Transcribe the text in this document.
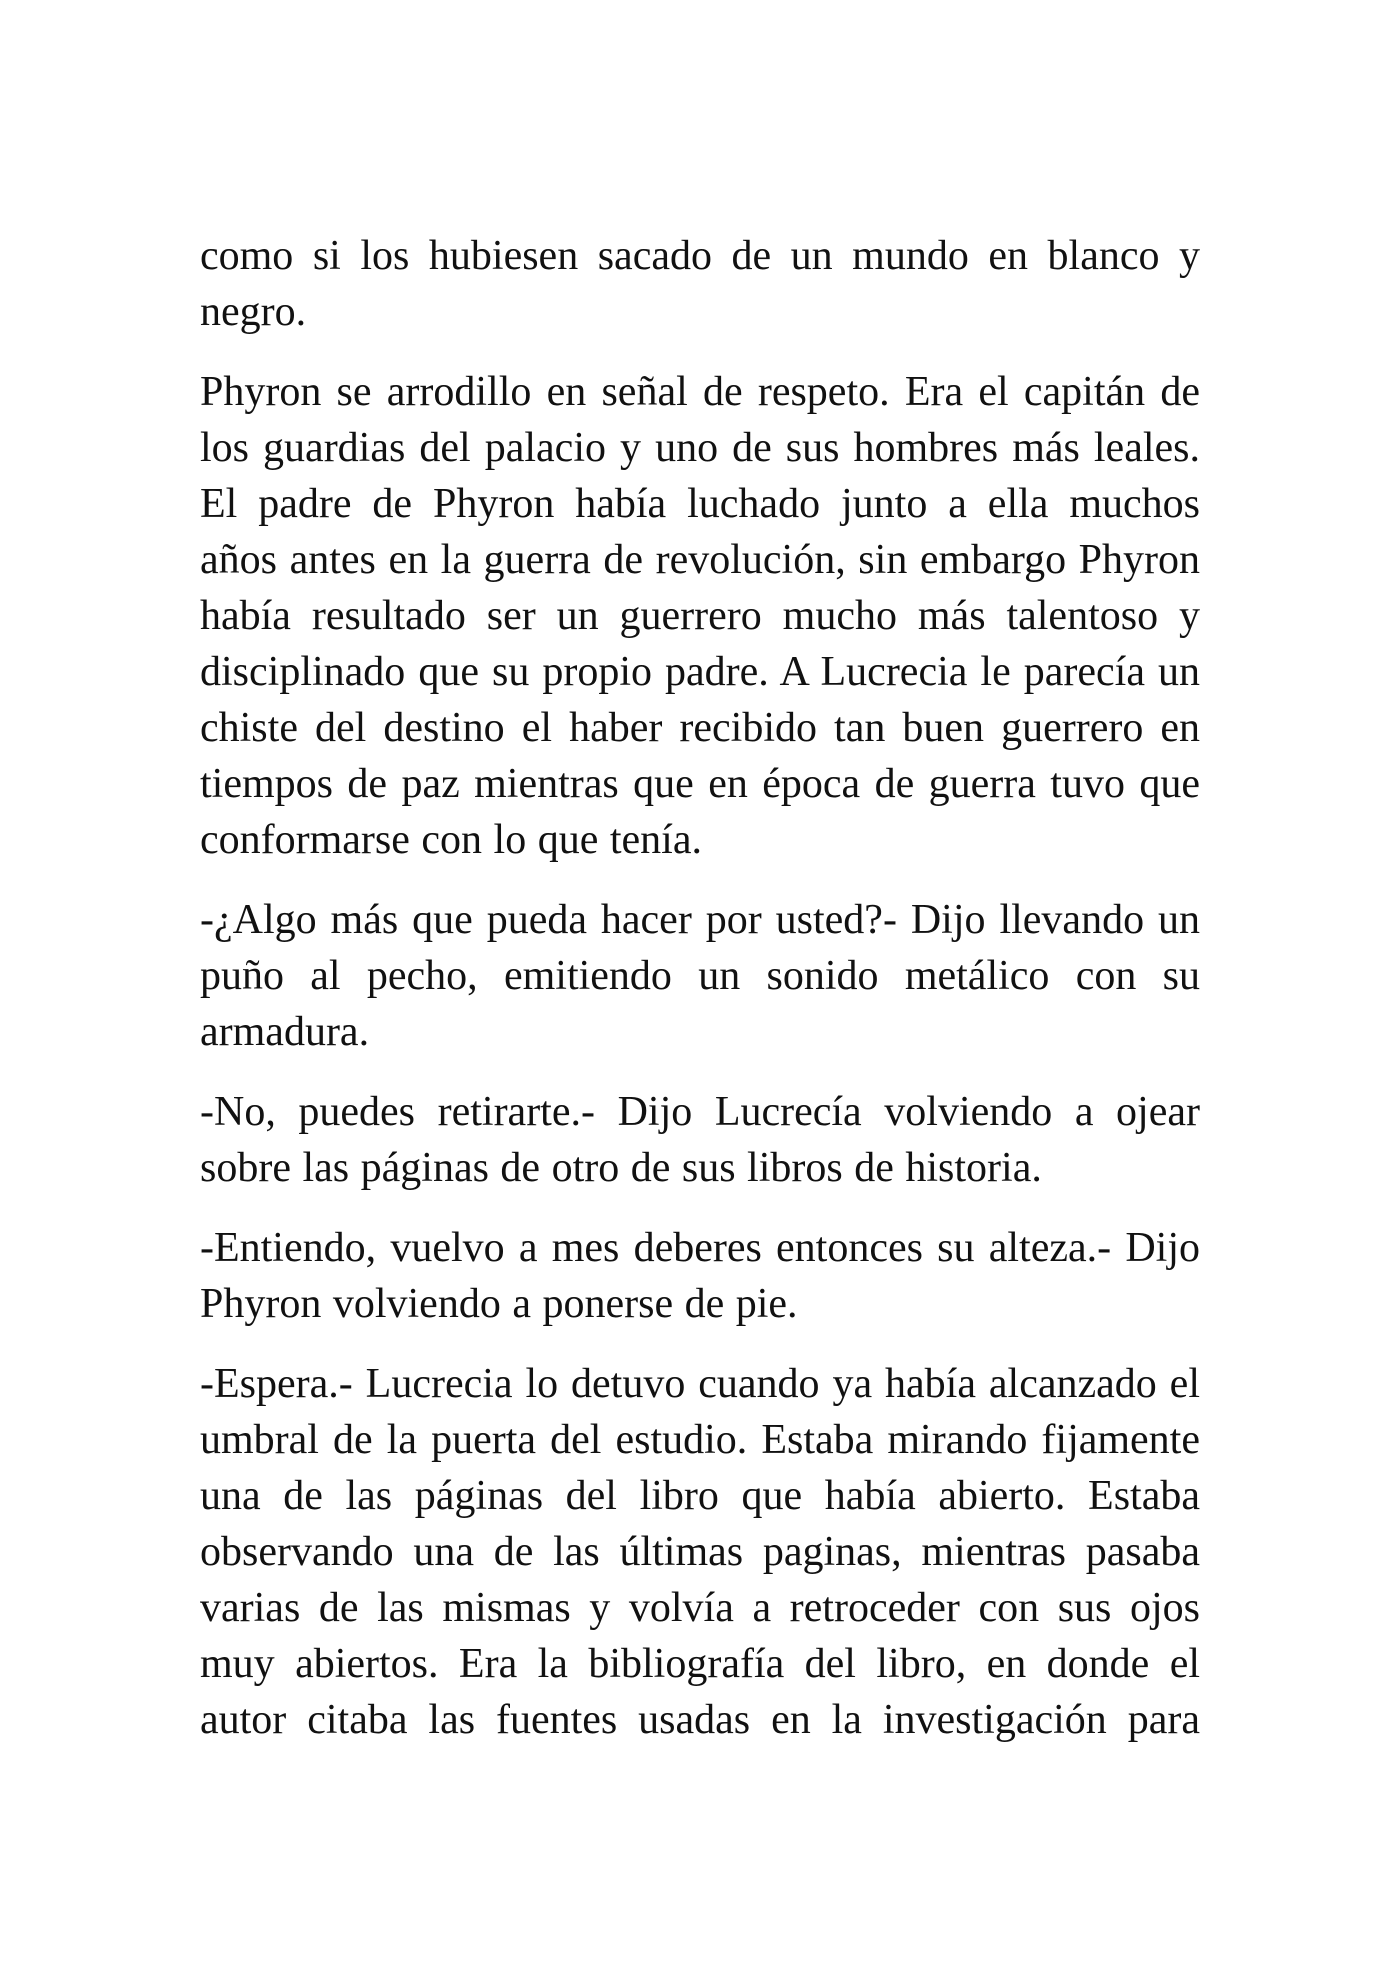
como si los hubiesen sacado de un mundo en blanco y negro.

Phyron se arrodillo en señal de respeto. Era el capitán de los guardias del palacio y uno de sus hombres más leales. El padre de Phyron había luchado junto a ella muchos años antes en la guerra de revolución, sin embargo Phyron había resultado ser un guerrero mucho más talentoso y disciplinado que su propio padre. A Lucrecia le parecía un chiste del destino el haber recibido tan buen guerrero en tiempos de paz mientras que en época de guerra tuvo que conformarse con lo que tenía.

-¿Algo más que pueda hacer por usted?- Dijo llevando un puño al pecho, emitiendo un sonido metálico con su armadura.

-No, puedes retirarte.- Dijo Lucrecía volviendo a ojear sobre las páginas de otro de sus libros de historia.

-Entiendo, vuelvo a mes deberes entonces su alteza.- Dijo Phyron volviendo a ponerse de pie.

-Espera.- Lucrecia lo detuvo cuando ya había alcanzado el umbral de la puerta del estudio. Estaba mirando fijamente una de las páginas del libro que había abierto. Estaba observando una de las últimas paginas, mientras pasaba varias de las mismas y volvía a retroceder con sus ojos muy abiertos. Era la bibliografía del libro, en donde el autor citaba las fuentes usadas en la investigación para
